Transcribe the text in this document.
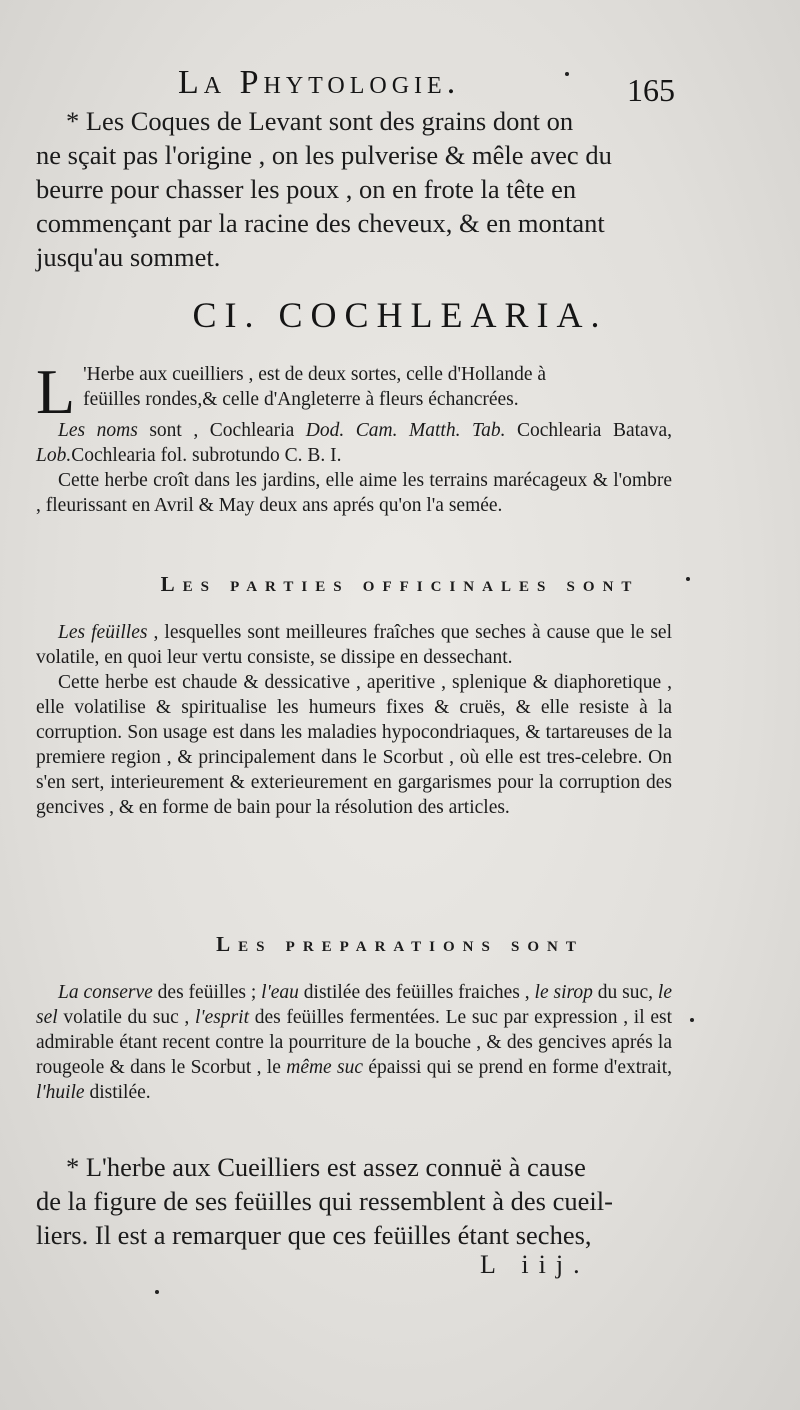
La Phytologie.	165

* Les Coques de Levant sont des grains dont on

ne sçait pas l'origine , on les pulverise & mêle avec du

beurre pour chasser les poux , on en frote la tête en

commençant par la racine des cheveux, & en montant

jusqu'au sommet.

CI. COCHLEARIA.
L 'Herbe aux cueilliers , est de deux sortes, celle d'Hollande à

feüilles rondes,& celle d'Angleterre à fleurs échancrées.

Les noms sont , Cochlearia Dod. Cam. Matth. Tab. Cochlearia Batava, Lob.Cochlearia fol. subrotundo C. B. I.

Cette herbe croît dans les jardins, elle aime les terrains marécageux & l'ombre , fleurissant en Avril & May deux ans aprés qu'on l'a semée.

Les parties officinales sont

Les feüilles , lesquelles sont meilleures fraîches que seches à cause que le sel volatile, en quoi leur vertu consiste, se dissipe en dessechant.

Cette herbe est chaude & dessicative , aperitive , splenique & diaphoretique , elle volatilise & spiritualise les humeurs fixes & cruës, & elle resiste à la corruption. Son usage est dans les maladies hypocondriaques, & tartareuses de la premiere region , & principalement dans le Scorbut , où elle est tres-celebre. On s'en sert, interieurement & exterieurement en gargarismes pour la corruption des gencives , & en forme de bain pour la résolution des articles.

Les preparations sont

La conserve des feüilles ; l'eau distilée des feüilles fraiches , le sirop du suc, le sel volatile du suc , l'esprit des feüilles fermentées. Le suc par expression , il est admirable étant recent contre la pourriture de la bouche , & des gencives aprés la rougeole & dans le Scorbut , le même suc épaissi qui se prend en forme d'extrait, l'huile distilée.

* L'herbe aux Cueilliers est assez connuë à cause

de la figure de ses feüilles qui ressemblent à des cueil-

liers. Il est a remarquer que ces feüilles étant seches,

L iij.
